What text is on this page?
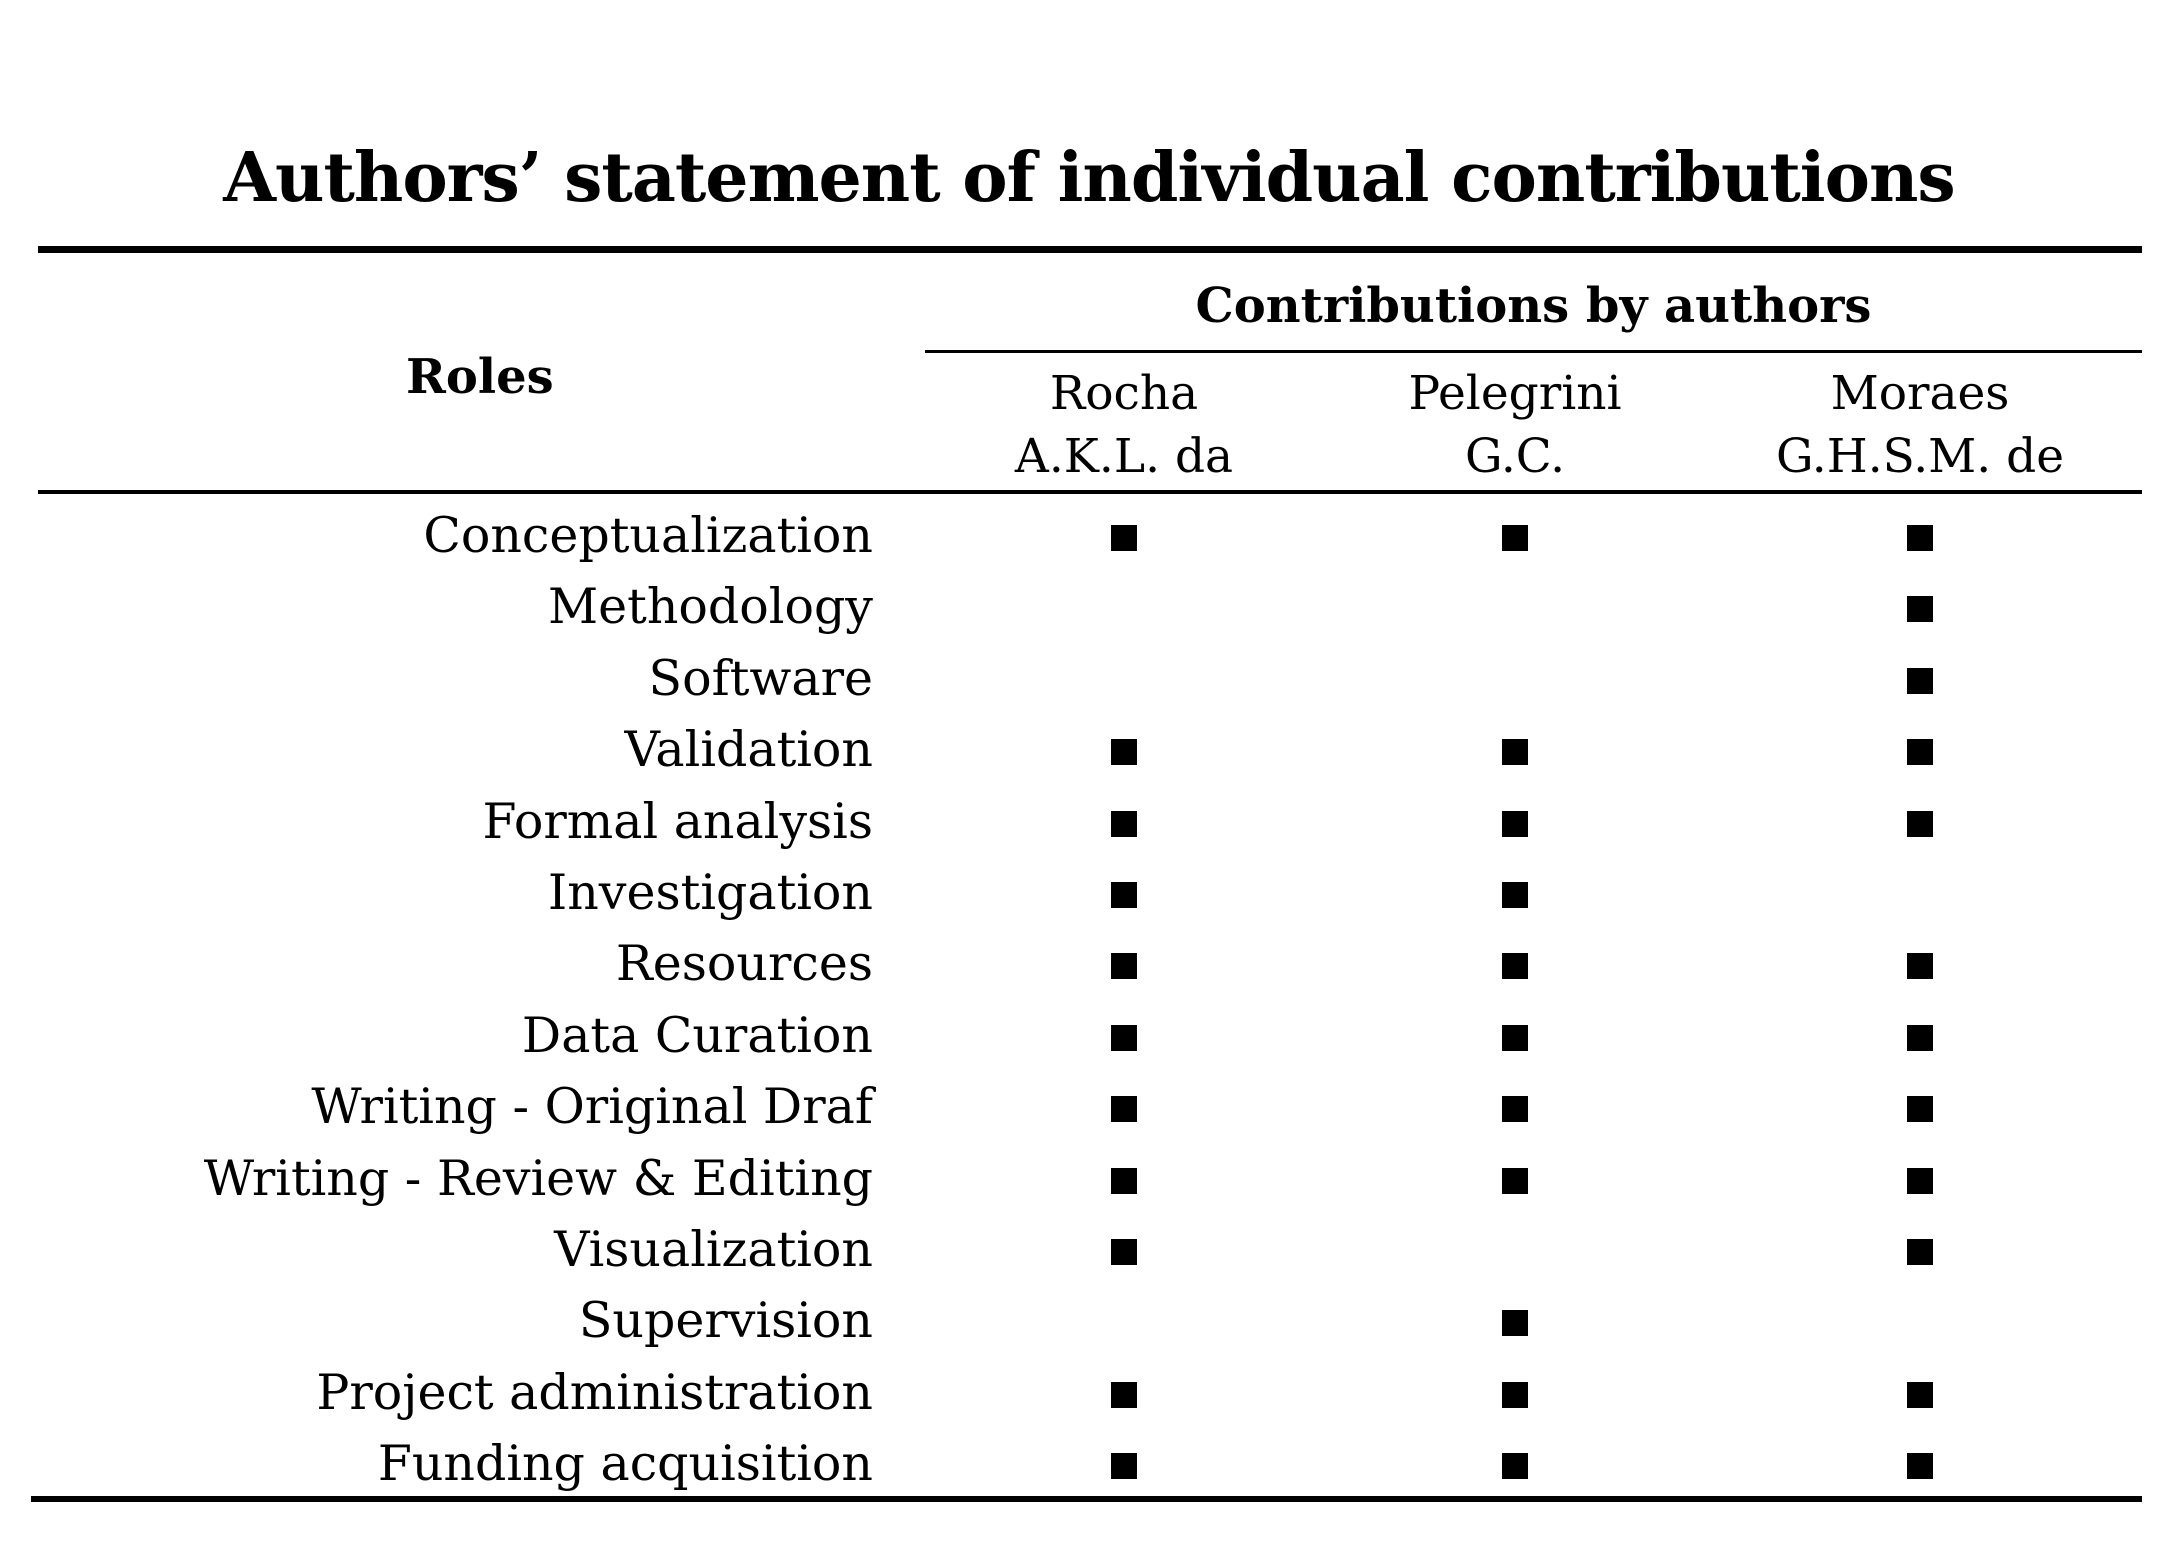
Authors’ statement of individual contributions
Contributions by authors
Roles	Rocha
A.K.L. da
Pelegrini
G.C.
Moraes
G.H.S.M. de
Conceptualization
Methodology
Software
Validation
Formal analysis
Investigation
Resources
Data Curation
Writing - Original Draf
Writing - Review & Editing
Visualization
Supervision
Project administration
Funding acquisition
